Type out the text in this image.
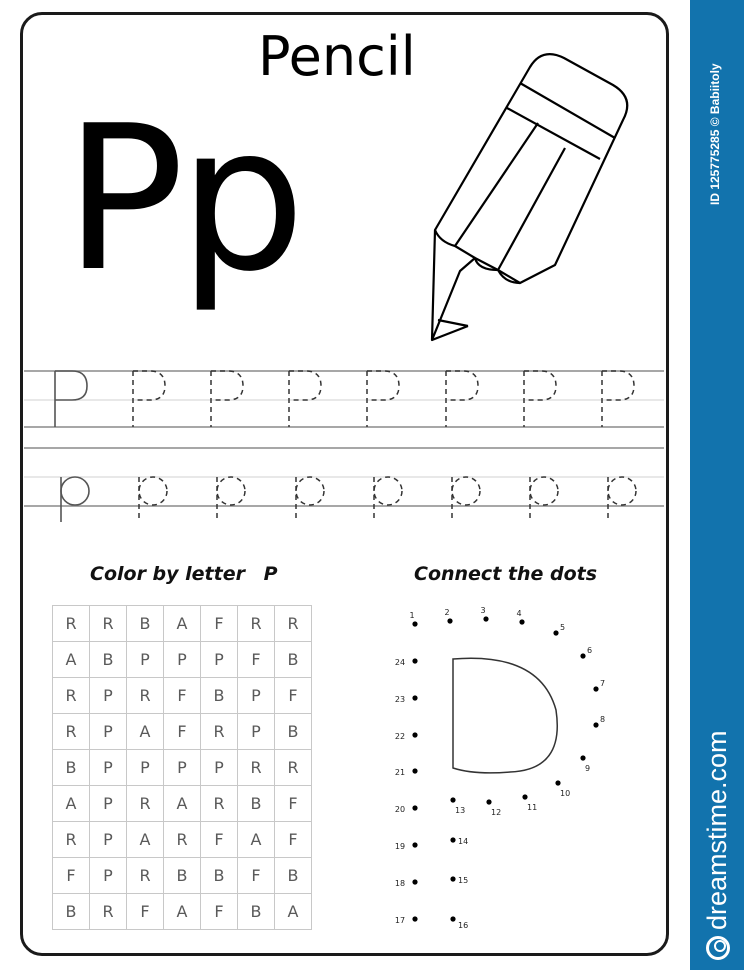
Pencil
Pp
Color by letter P
R	R	B	A	F	R	R
A	B	P	P	P	F	B
R	P	R	F	B	P	F
R	P	A	F	R	P	B
B	P	P	P	P	R	R
A	P	R	A	R	B	F
R	P	A	R	F	A	F
F	P	R	B	B	F	B
B	R	F	A	F	B	A
Connect the dots
1	2	3	4
5
6
7
8
9
10
11
12
13
14
15
16
17
18
19
20
21
22
23
24
ID 125775285 © Babiitoly
dreamstime.com
